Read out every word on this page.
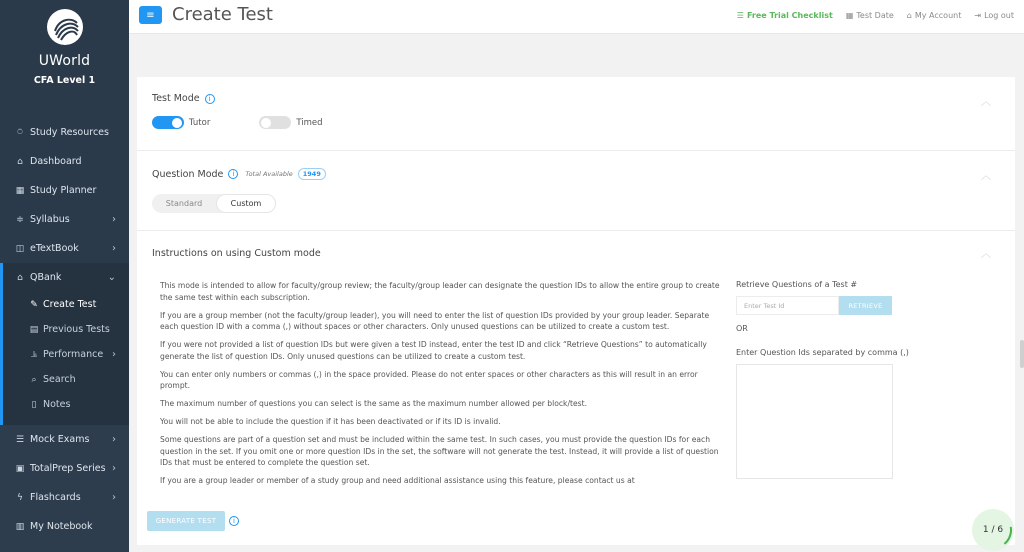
UWorld
CFA Level 1
⍥ Study Resources
⌂ Dashboard
▦ Study Planner
≑ Syllabus	›
◫ eTextBook	›
⌂ QBank	⌄
✎ Create Test
▤ Previous Tests
⫡ Performance ›
⌕ Search
▯ Notes
☰ Mock Exams ›
▣ TotalPrep Series ›
ϟ Flashcards	›
▥ My Notebook
≡ Create Test	☰ Free Trial Checklist ▦ Test Date ⌂ My Account ⇥ Log out
Test Mode	i
Tutor	Timed
︿
Question Mode	i	Total Available	1949
Standard	Custom
︿
Instructions on using Custom mode	︿

This mode is intended to allow for faculty/group review; the faculty/group leader can designate the question IDs to allow the entire group to create the same test within each subscription.

If you are a group member (not the faculty/group leader), you will need to enter the list of question IDs provided by your group leader. Separate each question ID with a comma (,) without spaces or other characters. Only unused questions can be utilized to create a custom test.

If you were not provided a list of question IDs but were given a test ID instead, enter the test ID and click “Retrieve Questions” to automatically generate the list of question IDs. Only unused questions can be utilized to create a custom test.

You can enter only numbers or commas (,) in the space provided. Please do not enter spaces or other characters as this will result in an error prompt.

The maximum number of questions you can select is the same as the maximum number allowed per block/test.

You will not be able to include the question if it has been deactivated or if its ID is invalid.

Some questions are part of a question set and must be included within the same test. In such cases, you must provide the question IDs for each question in the set. If you omit one or more question IDs in the set, the software will not generate the test. Instead, it will provide a list of question IDs that must be entered to complete the question set.

If you are a group leader or member of a study group and need additional assistance using this feature, please contact us at

Retrieve Questions of a Test #
Enter Test Id
RETRIEVE
OR
Enter Question Ids separated by comma (,)
GENERATE TEST	i
1 / 6
